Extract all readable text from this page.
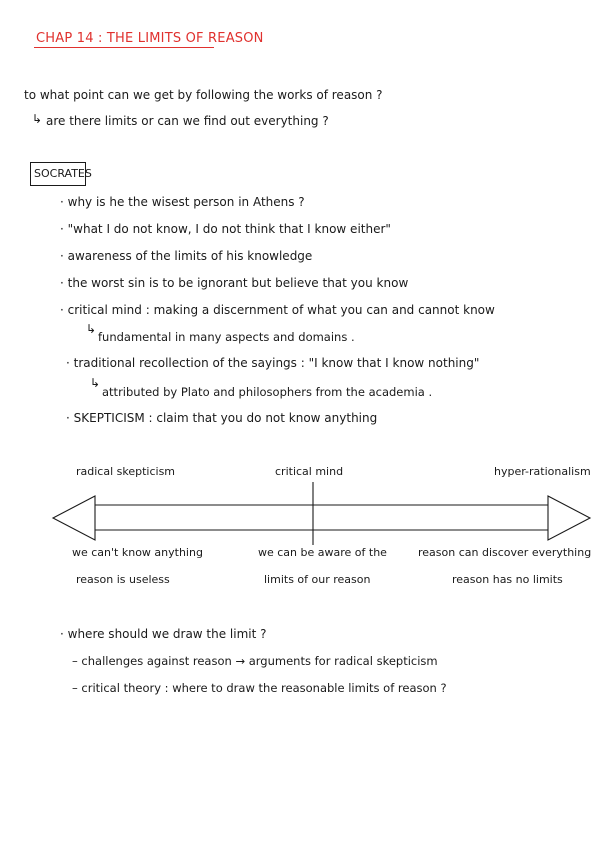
CHAP 14 : THE LIMITS OF REASON
to what point can we get by following the works of reason ?
↳ are there limits or can we find out everything ?
SOCRATES
· why is he the wisest person in Athens ?
· "what I do not know, I do not think that I know either"
· awareness of the limits of his knowledge
· the worst sin is to be ignorant but believe that you know
· critical mind : making a discernment of what you can and cannot know
↳
fundamental in many aspects and domains .
· traditional recollection of the sayings : "I know that I know nothing"
↳
attributed by Plato and philosophers from the academia .
· SKEPTICISM : claim that you do not know anything
radical skepticism	critical mind	hyper-rationalism
we can't know anything
reason is useless
we can be aware of the
limits of our reason
reason can discover everything
reason has no limits
· where should we draw the limit ?
– challenges against reason → arguments for radical skepticism
– critical theory : where to draw the reasonable limits of reason ?
